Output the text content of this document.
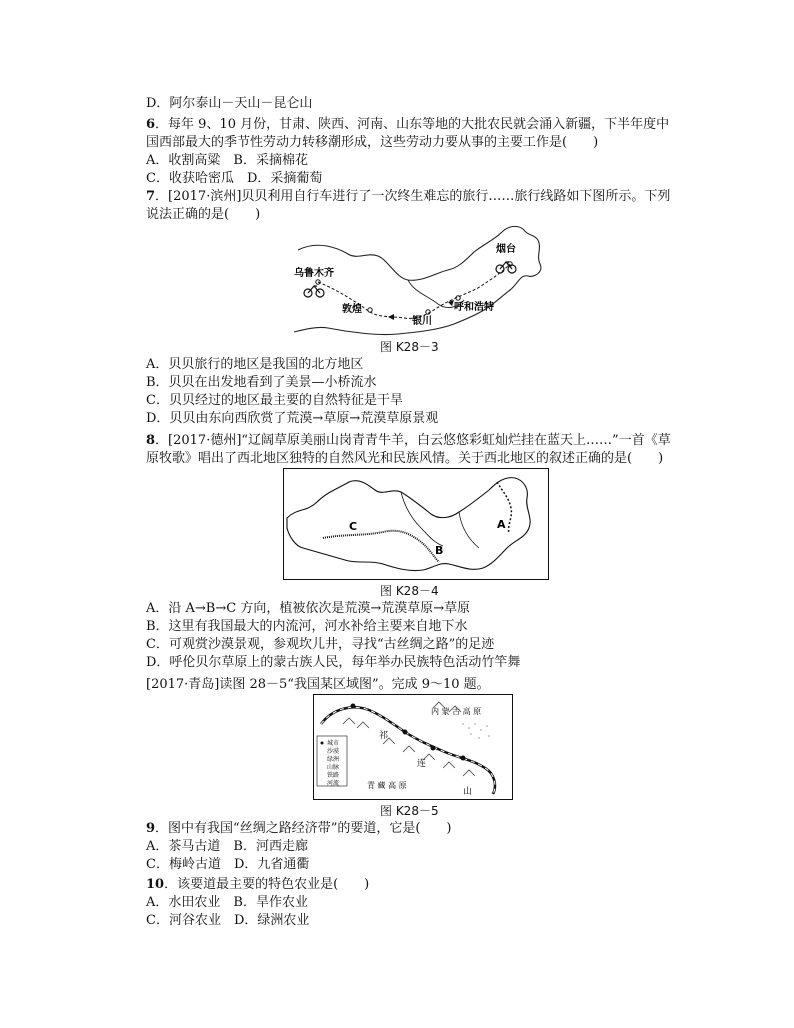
D．阿尔泰山－天山－昆仑山
6．每年 9、10 月份，甘肃、陕西、河南、山东等地的大批农民就会涌入新疆，下半年度中
国西部最大的季节性劳动力转移潮形成，这些劳动力要从事的主要工作是(　　)
A．收割高粱　B．采摘棉花
C．收获哈密瓜　D．采摘葡萄
7．[2017·滨州]贝贝利用自行车进行了一次终生难忘的旅行……旅行线路如下图所示。下列
说法正确的是(　　)
乌鲁木齐
烟台
敦煌
银川
呼和浩特
图 K28－3
A．贝贝旅行的地区是我国的北方地区
B．贝贝在出发地看到了美景—小桥流水
C．贝贝经过的地区最主要的自然特征是干旱
D．贝贝由东向西欣赏了荒漠→草原→荒漠草原景观
8．[2017·德州]“辽阔草原美丽山岗青青牛羊，白云悠悠彩虹灿烂挂在蓝天上……”一首《草
原牧歌》唱出了西北地区独特的自然风光和民族风情。关于西北地区的叙述正确的是(　　)
C
B
A
图 K28－4
A．沿 A→B→C 方向，植被依次是荒漠→荒漠草原→草原
B．这里有我国最大的内流河，河水补给主要来自地下水
C．可观赏沙漠景观，参观坎儿井，寻找“古丝绸之路”的足迹
D．呼伦贝尔草原上的蒙古族人民，每年举办民族特色活动竹竿舞
[2017·青岛]读图 28－5“我国某区域图”。完成 9～10 题。
城市
沙漠
绿洲
山脉
铁路
河流
内 蒙 古 高 原
祁
连
山
青 藏 高 原
图 K28－5
9．图中有我国“丝绸之路经济带”的要道，它是(　　)
A．茶马古道　B．河西走廊
C．梅岭古道　D．九省通衢
10．该要道最主要的特色农业是(　　)
A．水田农业　B．旱作农业
C．河谷农业　D．绿洲农业
